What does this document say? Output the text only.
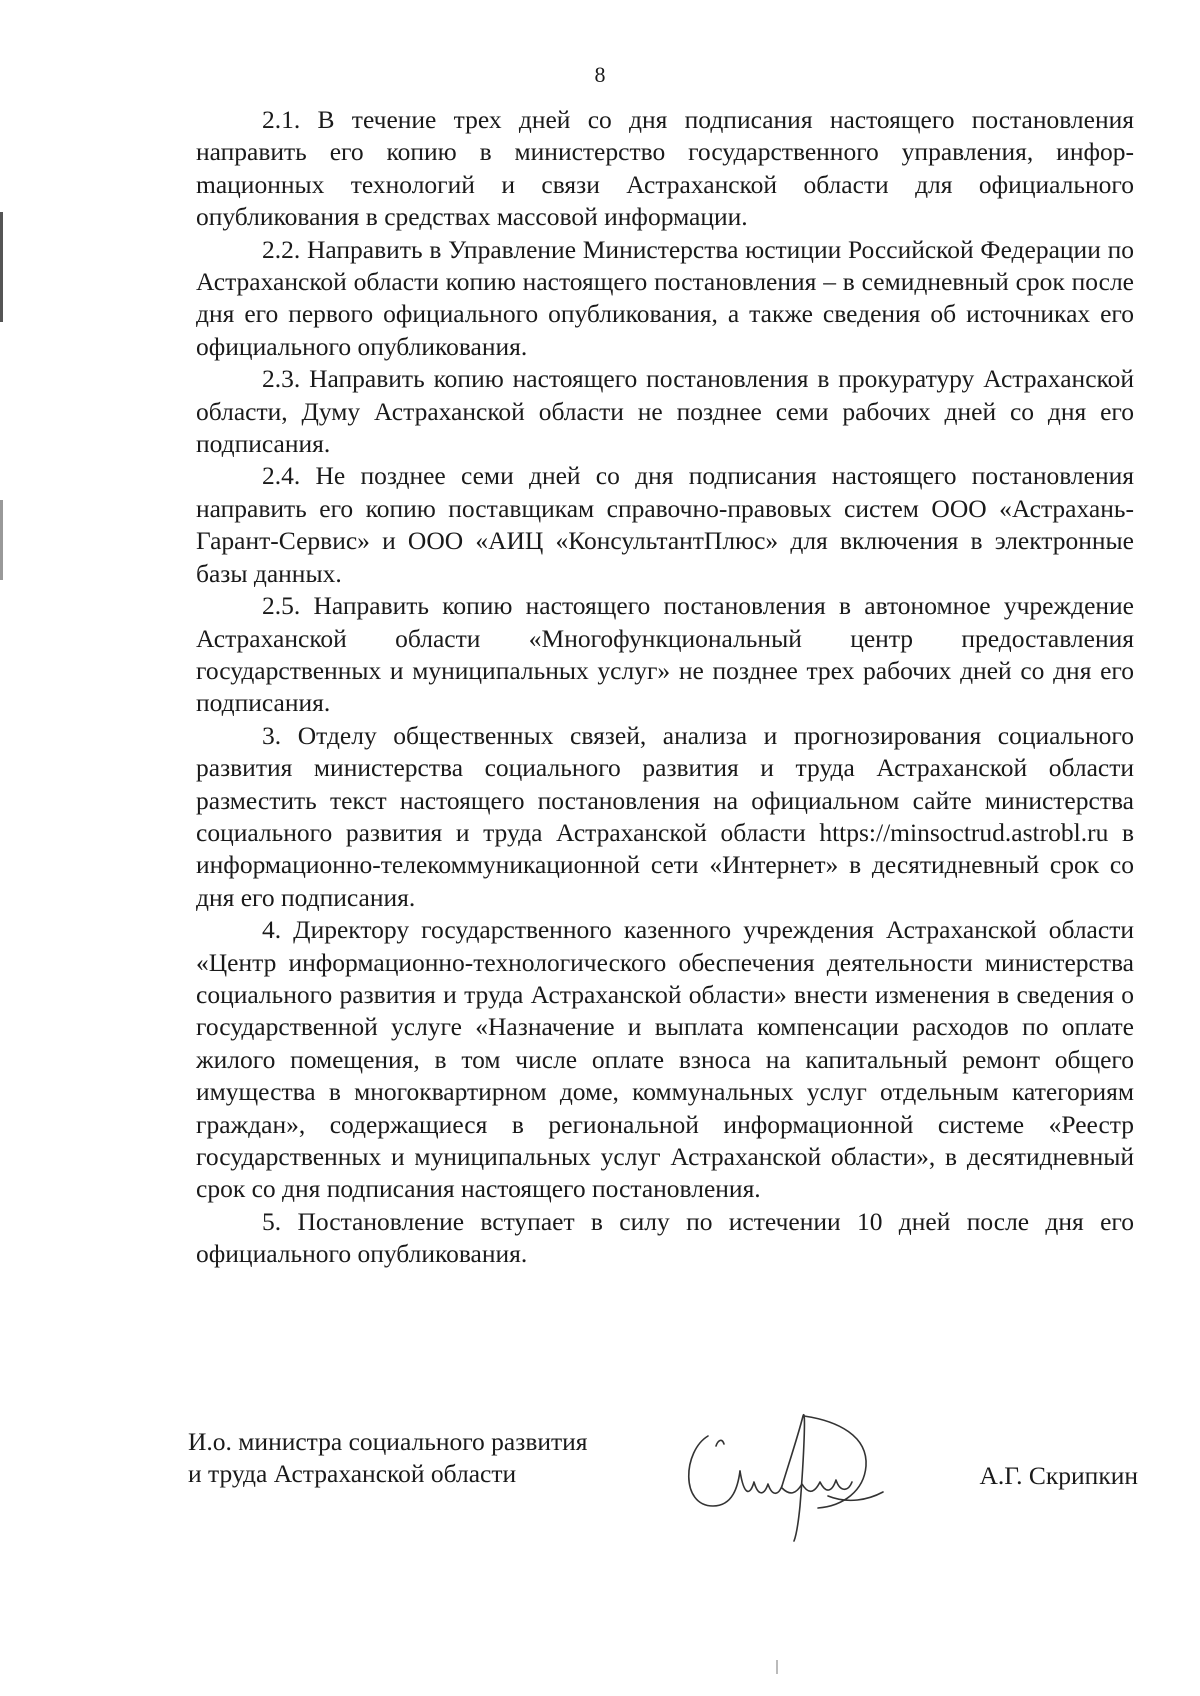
8

2.1. В течение трех дней со дня подписания настоящего постановления направить его копию в министерство государственного управления, инфорmационных технологий и связи Астраханской области для официального опубликования в средствах массовой информации.

2.2. Направить в Управление Министерства юстиции Российской Федерации по Астраханской области копию настоящего постановления – в семидневный срок после дня его первого официального опубликования, а также сведения об источниках его официального опубликования.

2.3. Направить копию настоящего постановления в прокуратуру Астраханской области, Думу Астраханской области не позднее семи рабочих дней со дня его подписания.

2.4. Не позднее семи дней со дня подписания настоящего постановления направить его копию поставщикам справочно-правовых систем ООО «Астрахань-Гарант-Сервис» и ООО «АИЦ «КонсультантПлюс» для включения в электронные базы данных.

2.5. Направить копию настоящего постановления в автономное учреждение Астраханской области «Многофункциональный центр предоставления государственных и муниципальных услуг» не позднее трех рабочих дней со дня его подписания.

3. Отделу общественных связей, анализа и прогнозирования социального развития министерства социального развития и труда Астраханской области разместить текст настоящего постановления на официальном сайте министерства социального развития и труда Астраханской области https://minsoctrud.astrobl.ru в информационно-телекоммуникационной сети «Интернет» в десятидневный срок со дня его подписания.

4. Директору государственного казенного учреждения Астраханской области «Центр информационно-технологического обеспечения деятельности министерства социального развития и труда Астраханской области» внести изменения в сведения о государственной услуге «Назначение и выплата компенсации расходов по оплате жилого помещения, в том числе оплате взноса на капитальный ремонт общего имущества в многоквартирном доме, коммунальных услуг отдельным категориям граждан», содержащиеся в региональной информационной системе «Реестр государственных и муниципальных услуг Астраханской области», в десятидневный срок со дня подписания настоящего постановления.

5. Постановление вступает в силу по истечении 10 дней после дня его официального опубликования.

И.о. министра социального развития
и труда Астраханской области	А.Г. Скрипкин
